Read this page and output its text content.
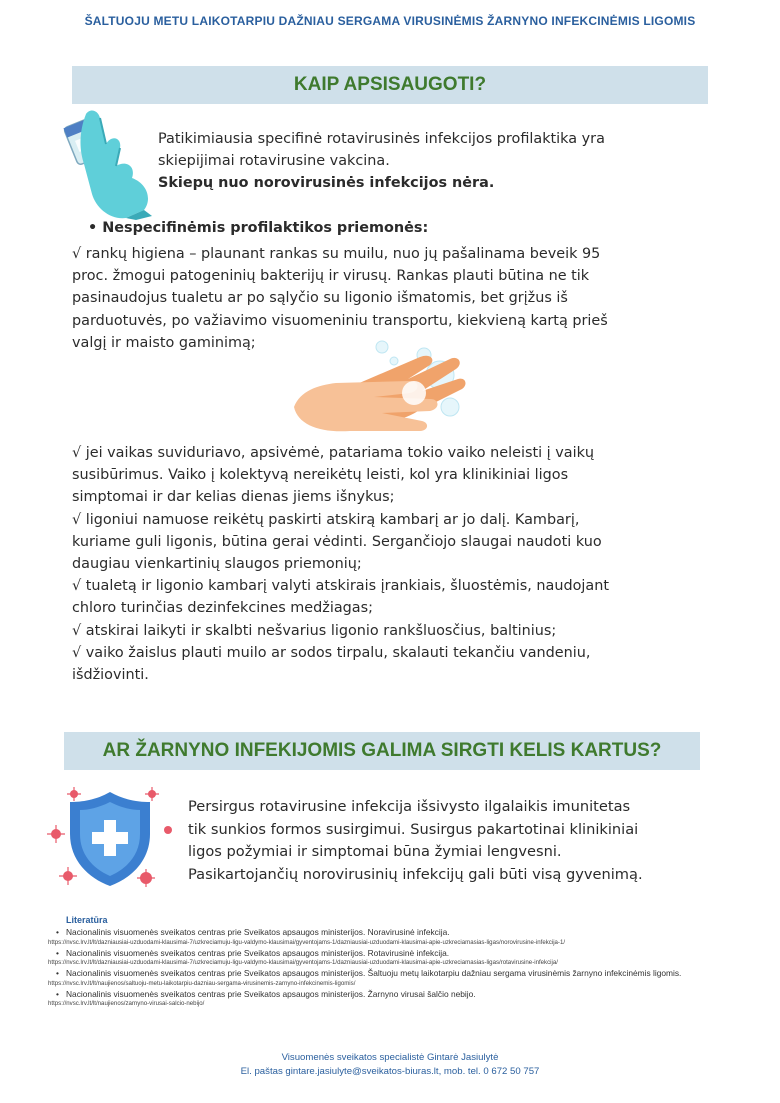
ŠALTUOJU METU LAIKOTARPIU DAŽNIAU SERGAMA VIRUSINĖMIS ŽARNYNO INFEKCINĖMIS LIGOMIS
KAIP APSISAUGOTI?
Patikimiausia specifinė rotavirusinės infekcijos profilaktika yra
skiepijimai rotavirusine vakcina.
Skiepų nuo norovirusinės infekcijos nėra.
• Nespecifinėmis profilaktikos priemonės:
√ rankų higiena – plaunant rankas su muilu, nuo jų pašalinama beveik 95
proc. žmogui patogeninių bakterijų ir virusų. Rankas plauti būtina ne tik
pasinaudojus tualetu ar po sąlyčio su ligonio išmatomis, bet grįžus iš
parduotuvės, po važiavimo visuomeniniu transportu, kiekvieną kartą prieš
valgį ir maisto gaminimą;
√ jei vaikas suviduriavo, apsivėmė, patariama tokio vaiko neleisti į vaikų
susibūrimus. Vaiko į kolektyvą nereikėtų leisti, kol yra klinikiniai ligos
simptomai ir dar kelias dienas jiems išnykus;
√ ligoniui namuose reikėtų paskirti atskirą kambarį ar jo dalį. Kambarį,
kuriame guli ligonis, būtina gerai vėdinti. Sergančiojo slaugai naudoti kuo
daugiau vienkartinių slaugos priemonių;
√ tualetą ir ligonio kambarį valyti atskirais įrankiais, šluostėmis, naudojant
chloro turinčias dezinfekcines medžiagas;
√ atskirai laikyti ir skalbti nešvarius ligonio rankšluosčius, baltinius;
√ vaiko žaislus plauti muilo ar sodos tirpalu, skalauti tekančiu vandeniu,
išdžiovinti.
AR ŽARNYNO INFEKIJOMIS GALIMA SIRGTI KELIS KARTUS?
Persirgus rotavirusine infekcija išsivysto ilgalaikis imunitetas
tik sunkios formos susirgimui. Susirgus pakartotinai klinikiniai
ligos požymiai ir simptomai būna žymiai lengvesni.
Pasikartojančių norovirusinių infekcijų gali būti visą gyvenimą.
Literatūra
• Nacionalinis visuomenės sveikatos centras prie Sveikatos apsaugos ministerijos. Noravirusinė infekcija.
https://nvsc.lrv.lt/lt/dazniausiai-uzduodami-klausimai-7/uzkreciamuju-ligu-valdymo-klausimai/gyventojams-1/dazniausiai-uzduodami-klausimai-apie-uzkreciamasias-ligas/norovirusine-infekcija-1/
• Nacionalinis visuomenės sveikatos centras prie Sveikatos apsaugos ministerijos. Rotavirusinė infekcija.
https://nvsc.lrv.lt/lt/dazniausiai-uzduodami-klausimai-7/uzkreciamuju-ligu-valdymo-klausimai/gyventojams-1/dazniausiai-uzduodami-klausimai-apie-uzkreciamasias-ligas/rotavirusine-infekcija/
• Nacionalinis visuomenės sveikatos centras prie Sveikatos apsaugos ministerijos. Šaltuoju metų laikotarpiu dažniau sergama virusinėmis žarnyno infekcinėmis ligomis.
https://nvsc.lrv.lt/lt/naujienos/saltuoju-metu-laikotarpiu-dazniau-sergama-virusinemis-zarnyno-infekcinemis-ligomis/
• Nacionalinis visuomenės sveikatos centras prie Sveikatos apsaugos ministerijos. Žarnyno virusai šalčio nebijo.
https://nvsc.lrv.lt/lt/naujienos/zarnyno-virusai-salcio-nebijo/
Visuomenės sveikatos specialistė Gintarė Jasiulytė
El. paštas gintare.jasiulyte@sveikatos-biuras.lt, mob. tel. 0 672 50 757
